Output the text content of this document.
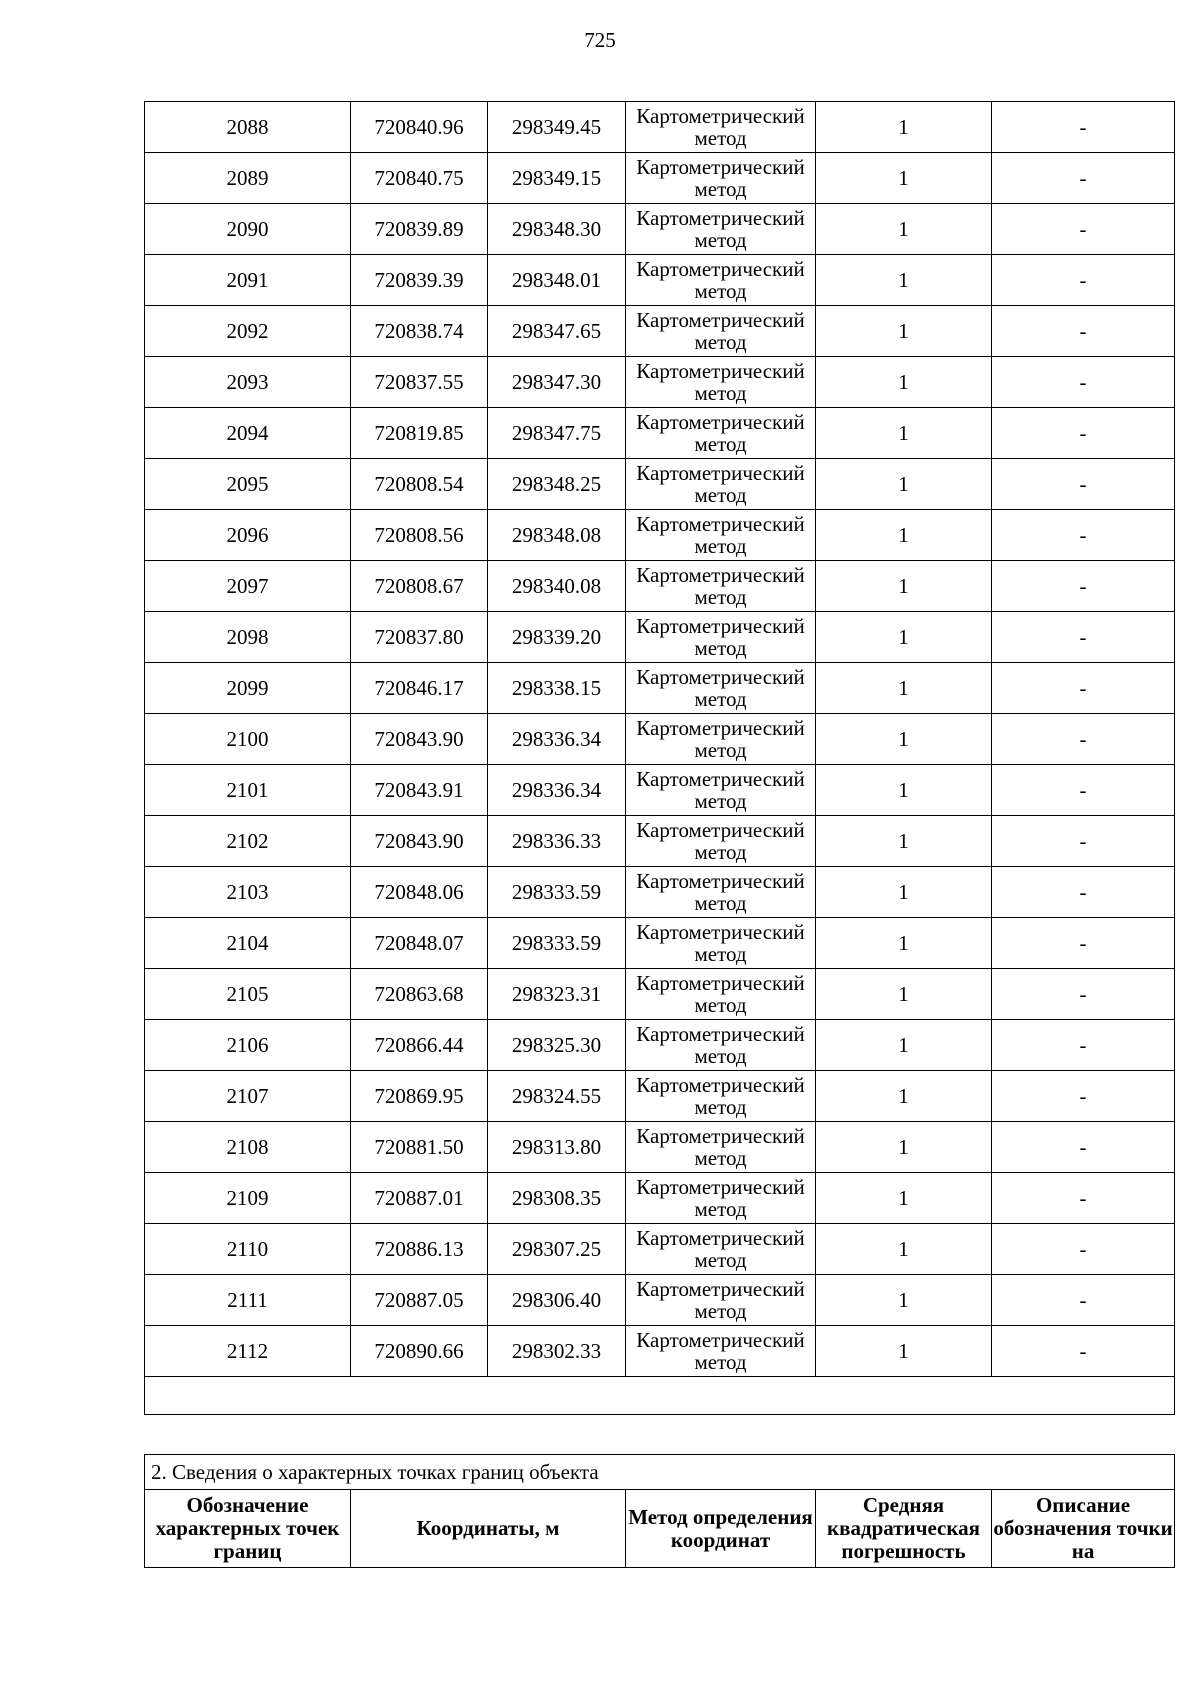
725
2088	720840.96	298349.45	Картометрический метод	1	-
2089	720840.75	298349.15	Картометрический метод	1	-
2090	720839.89	298348.30	Картометрический метод	1	-
2091	720839.39	298348.01	Картометрический метод	1	-
2092	720838.74	298347.65	Картометрический метод	1	-
2093	720837.55	298347.30	Картометрический метод	1	-
2094	720819.85	298347.75	Картометрический метод	1	-
2095	720808.54	298348.25	Картометрический метод	1	-
2096	720808.56	298348.08	Картометрический метод	1	-
2097	720808.67	298340.08	Картометрический метод	1	-
2098	720837.80	298339.20	Картометрический метод	1	-
2099	720846.17	298338.15	Картометрический метод	1	-
2100	720843.90	298336.34	Картометрический метод	1	-
2101	720843.91	298336.34	Картометрический метод	1	-
2102	720843.90	298336.33	Картометрический метод	1	-
2103	720848.06	298333.59	Картометрический метод	1	-
2104	720848.07	298333.59	Картометрический метод	1	-
2105	720863.68	298323.31	Картометрический метод	1	-
2106	720866.44	298325.30	Картометрический метод	1	-
2107	720869.95	298324.55	Картометрический метод	1	-
2108	720881.50	298313.80	Картометрический метод	1	-
2109	720887.01	298308.35	Картометрический метод	1	-
2110	720886.13	298307.25	Картометрический метод	1	-
2111	720887.05	298306.40	Картометрический метод	1	-
2112	720890.66	298302.33	Картометрический метод	1	-

2. Сведения о характерных точках границ объекта
Обозначение характерных точек границ	Координаты, м	Метод определения координат	Средняя квадратическая погрешность	Описание обозначения точки на
